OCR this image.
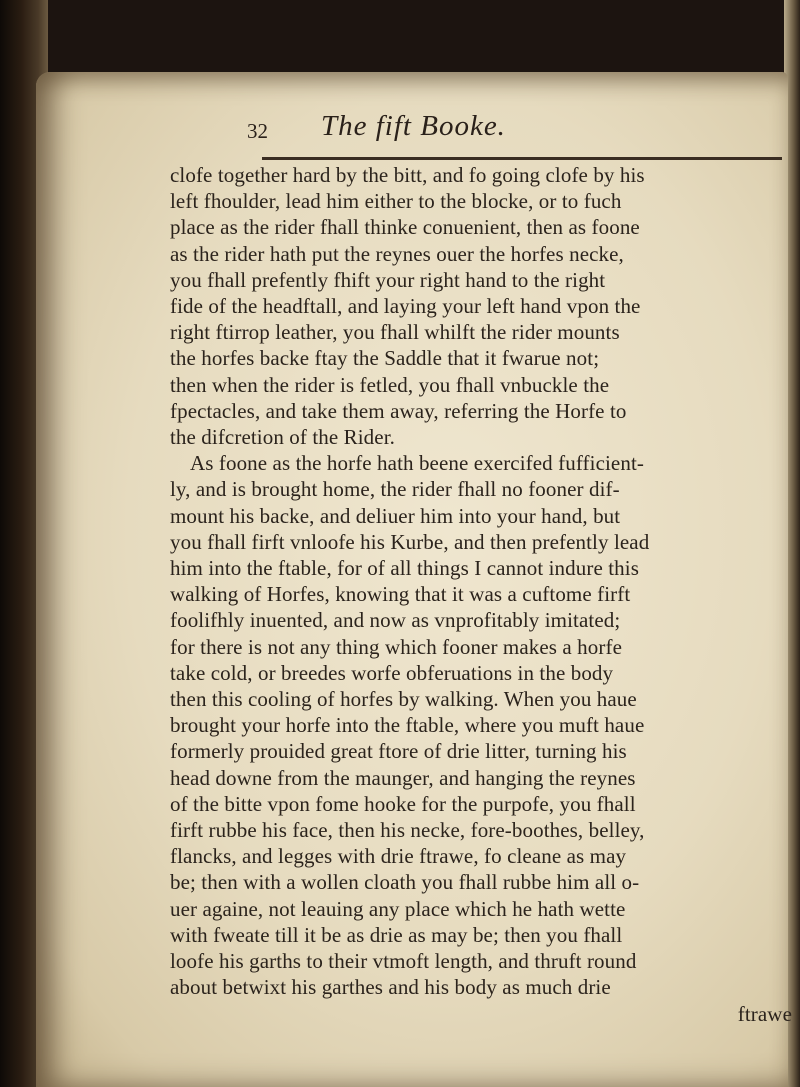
32 The fift Booke.
clofe together hard by the bitt, and fo going clofe by his
left fhoulder, lead him either to the blocke, or to fuch
place as the rider fhall thinke conuenient, then as foone
as the rider hath put the reynes ouer the horfes necke,
you fhall prefently fhift your right hand to the right
fide of the headftall, and laying your left hand vpon the
right ftirrop leather, you fhall whilft the rider mounts
the horfes backe ftay the Saddle that it fwarue not;
then when the rider is fetled, you fhall vnbuckle the
fpectacles, and take them away, referring the Horfe to
the difcretion of the Rider.
As foone as the horfe hath beene exercifed fufficient-
ly, and is brought home, the rider fhall no fooner dif-
mount his backe, and deliuer him into your hand, but
you fhall firft vnloofe his Kurbe, and then prefently lead
him into the ftable, for of all things I cannot indure this
walking of Horfes, knowing that it was a cuftome firft
foolifhly inuented, and now as vnprofitably imitated;
for there is not any thing which fooner makes a horfe
take cold, or breedes worfe obferuations in the body
then this cooling of horfes by walking. When you haue
brought your horfe into the ftable, where you muft haue
formerly prouided great ftore of drie litter, turning his
head downe from the maunger, and hanging the reynes
of the bitte vpon fome hooke for the purpofe, you fhall
firft rubbe his face, then his necke, fore-boothes, belley,
flancks, and legges with drie ftrawe, fo cleane as may
be; then with a wollen cloath you fhall rubbe him all o-
uer againe, not leauing any place which he hath wette
with fweate till it be as drie as may be; then you fhall
loofe his garths to their vtmoft length, and thruft round
about betwixt his garthes and his body as much drie
ftrawe
